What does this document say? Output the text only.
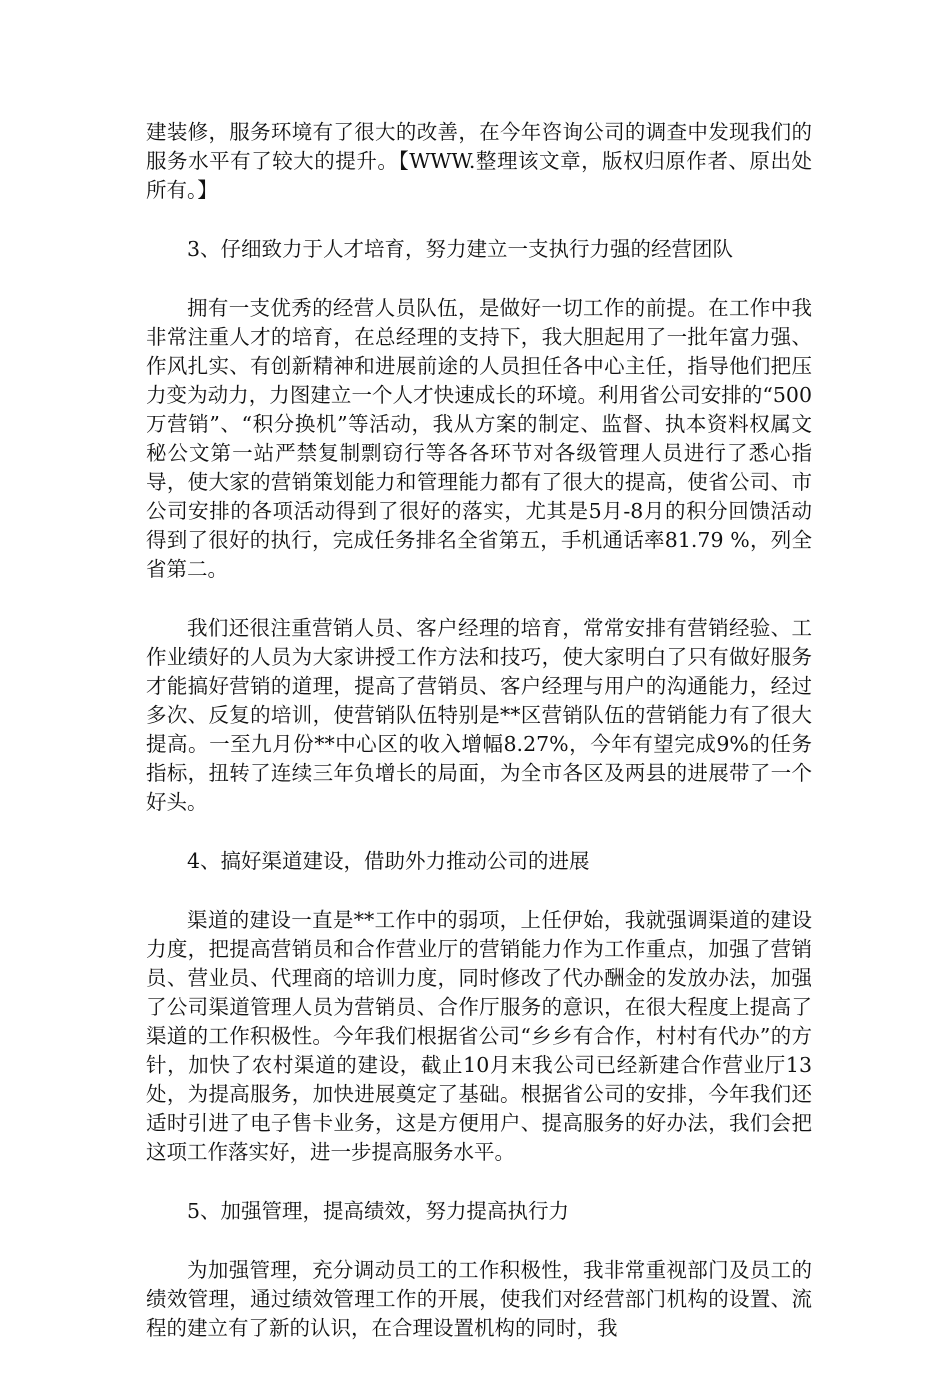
建装修，服务环境有了很大的改善，在今年咨询公司的调查中发现我们的服务水平有了较大的提升。【WWW.整理该文章，版权归原作者、原出处所有。】

3、仔细致力于人才培育，努力建立一支执行力强的经营团队

拥有一支优秀的经营人员队伍，是做好一切工作的前提。在工作中我非常注重人才的培育，在总经理的支持下，我大胆起用了一批年富力强、作风扎实、有创新精神和进展前途的人员担任各中心主任，指导他们把压力变为动力，力图建立一个人才快速成长的环境。利用省公司安排的“500万营销”、“积分换机”等活动，我从方案的制定、监督、执本资料权属文秘公文第一站严禁复制剽窃行等各各环节对各级管理人员进行了悉心指导，使大家的营销策划能力和管理能力都有了很大的提高，使省公司、市公司安排的各项活动得到了很好的落实，尤其是5月-8月的积分回馈活动得到了很好的执行，完成任务排名全省第五，手机通话率81.79 %，列全省第二。

我们还很注重营销人员、客户经理的培育，常常安排有营销经验、工作业绩好的人员为大家讲授工作方法和技巧，使大家明白了只有做好服务才能搞好营销的道理，提高了营销员、客户经理与用户的沟通能力，经过多次、反复的培训，使营销队伍特别是**区营销队伍的营销能力有了很大提高。一至九月份**中心区的收入增幅8.27%，今年有望完成9%的任务指标，扭转了连续三年负增长的局面，为全市各区及两县的进展带了一个好头。

4、搞好渠道建设，借助外力推动公司的进展

渠道的建设一直是**工作中的弱项，上任伊始，我就强调渠道的建设力度，把提高营销员和合作营业厅的营销能力作为工作重点，加强了营销员、营业员、代理商的培训力度，同时修改了代办酬金的发放办法，加强了公司渠道管理人员为营销员、合作厅服务的意识，在很大程度上提高了渠道的工作积极性。今年我们根据省公司“乡乡有合作，村村有代办”的方针，加快了农村渠道的建设，截止10月末我公司已经新建合作营业厅13处，为提高服务，加快进展奠定了基础。根据省公司的安排，今年我们还适时引进了电子售卡业务，这是方便用户、提高服务的好办法，我们会把这项工作落实好，进一步提高服务水平。

5、加强管理，提高绩效，努力提高执行力

为加强管理，充分调动员工的工作积极性，我非常重视部门及员工的绩效管理，通过绩效管理工作的开展，使我们对经营部门机构的设置、流程的建立有了新的认识，在合理设置机构的同时，我
